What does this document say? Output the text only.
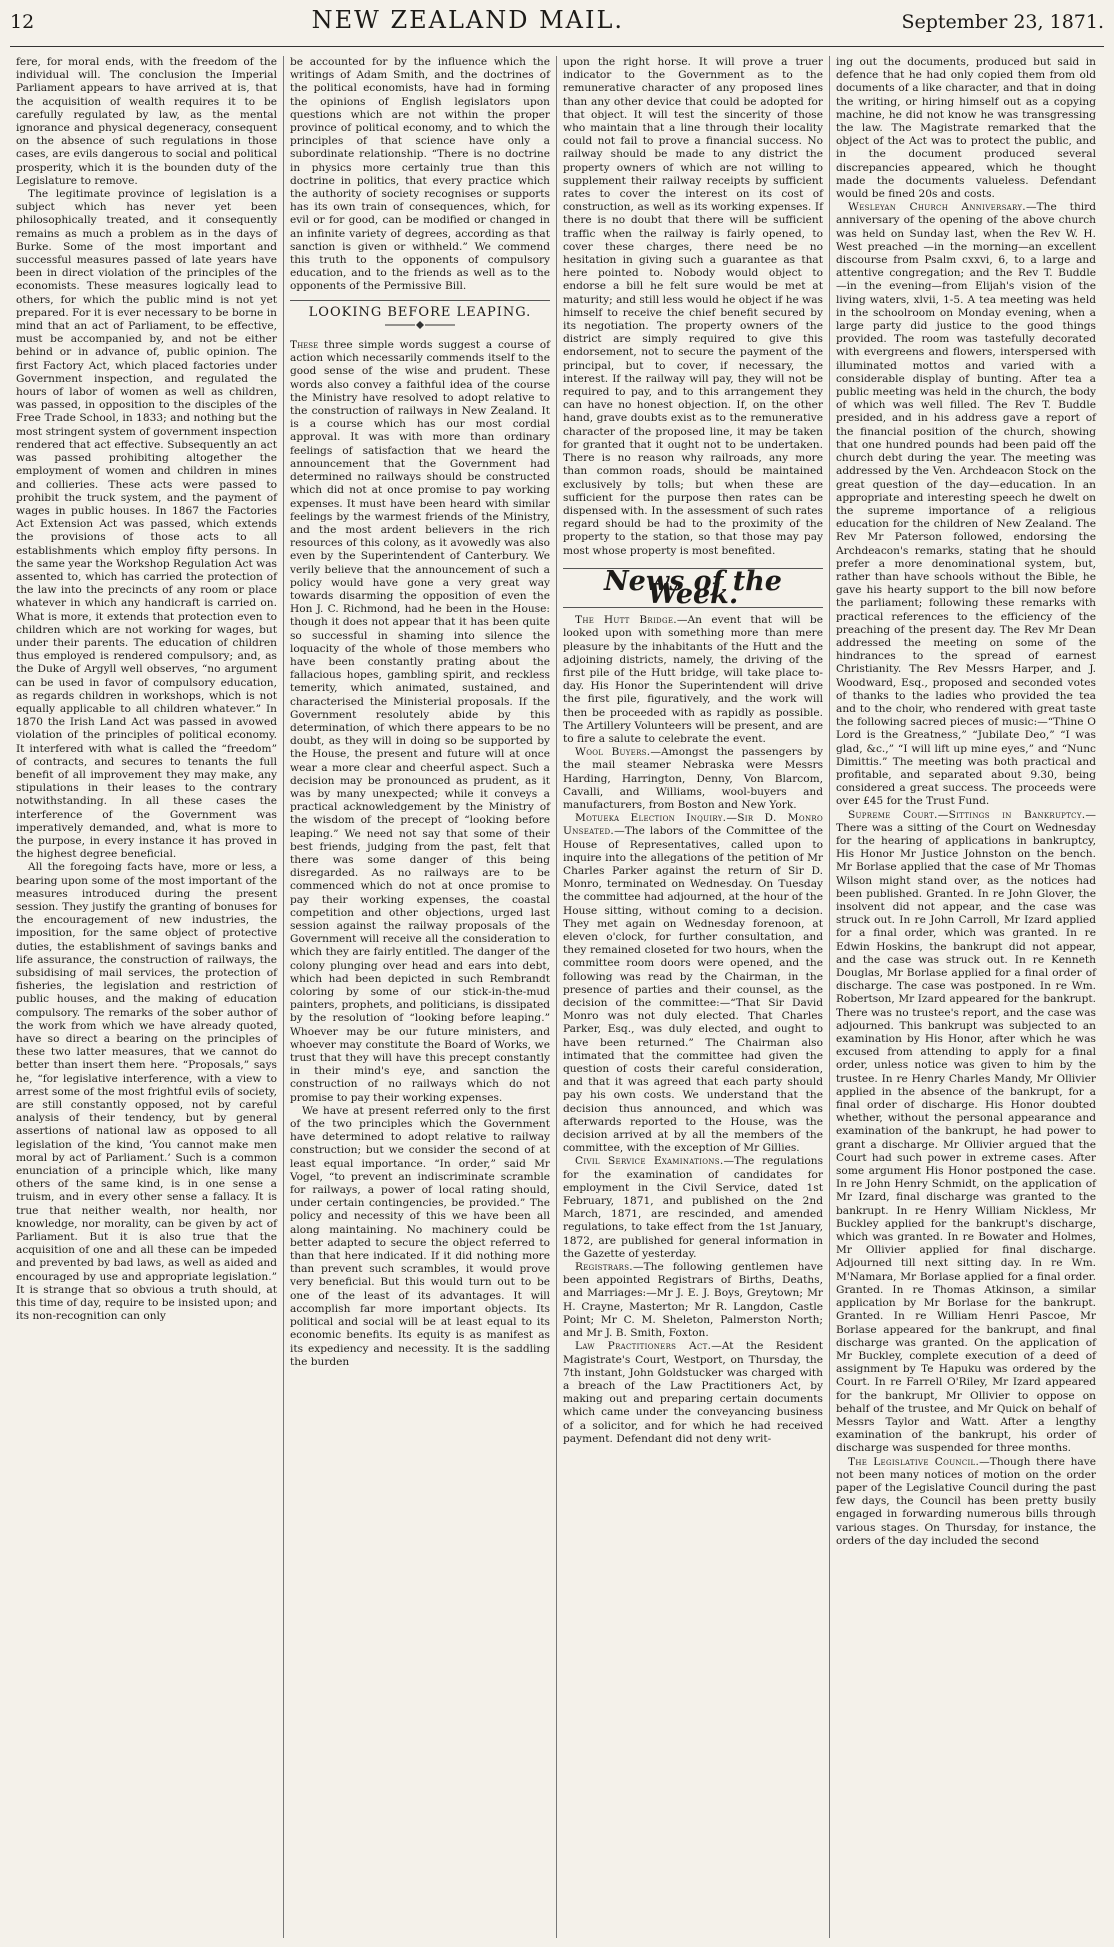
12	NEW ZEALAND MAIL.	September 23, 1871.

fere, for moral ends, with the freedom of the individual will. The conclusion the Imperial Parliament appears to have arrived at is, that the acquisition of wealth requires it to be carefully regulated by law, as the mental ignorance and physical degeneracy, consequent on the absence of such regulations in those cases, are evils dangerous to social and political prosperity, which it is the bounden duty of the Legislature to remove.

The legitimate province of legislation is a subject which has never yet been philosophically treated, and it consequently remains as much a problem as in the days of Burke. Some of the most important and successful measures passed of late years have been in direct violation of the principles of the economists. These measures logically lead to others, for which the public mind is not yet prepared. For it is ever necessary to be borne in mind that an act of Parliament, to be effective, must be accompanied by, and not be either behind or in advance of, public opinion. The first Factory Act, which placed factories under Government inspection, and regulated the hours of labor of women as well as children, was passed, in opposition to the disciples of the Free Trade School, in 1833; and nothing but the most stringent system of government inspection rendered that act effective. Subsequently an act was passed prohibiting altogether the employment of women and children in mines and collieries. These acts were passed to prohibit the truck system, and the payment of wages in public houses. In 1867 the Factories Act Extension Act was passed, which extends the provisions of those acts to all establishments which employ fifty persons. In the same year the Workshop Regulation Act was assented to, which has carried the protection of the law into the precincts of any room or place whatever in which any handicraft is carried on. What is more, it extends that protection even to children which are not working for wages, but under their parents. The education of children thus employed is rendered compulsory; and, as the Duke of Argyll well observes, “no argument can be used in favor of compulsory education, as regards children in workshops, which is not equally applicable to all children whatever.” In 1870 the Irish Land Act was passed in avowed violation of the principles of political economy. It interfered with what is called the “freedom” of contracts, and secures to tenants the full benefit of all improvement they may make, any stipulations in their leases to the contrary notwithstanding. In all these cases the interference of the Government was imperatively demanded, and, what is more to the purpose, in every instance it has proved in the highest degree beneficial.

All the foregoing facts have, more or less, a bearing upon some of the most important of the measures introduced during the present session. They justify the granting of bonuses for the encouragement of new industries, the imposition, for the same object of protective duties, the establishment of savings banks and life assurance, the construction of railways, the subsidising of mail services, the protection of fisheries, the legislation and restriction of public houses, and the making of education compulsory. The remarks of the sober author of the work from which we have already quoted, have so direct a bearing on the principles of these two latter measures, that we cannot do better than insert them here. “Proposals,” says he, “for legislative interference, with a view to arrest some of the most frightful evils of society, are still constantly opposed, not by careful analysis of their tendency, but by general assertions of national law as opposed to all legislation of the kind, ‘You cannot make men moral by act of Parliament.’ Such is a common enunciation of a principle which, like many others of the same kind, is in one sense a truism, and in every other sense a fallacy. It is true that neither wealth, nor health, nor knowledge, nor morality, can be given by act of Parliament. But it is also true that the acquisition of one and all these can be impeded and prevented by bad laws, as well as aided and encouraged by use and appropriate legislation.” It is strange that so obvious a truth should, at this time of day, require to be insisted upon; and its non-recognition can only

be accounted for by the influence which the writings of Adam Smith, and the doctrines of the political economists, have had in forming the opinions of English legislators upon questions which are not within the proper province of political economy, and to which the principles of that science have only a subordinate relationship. “There is no doctrine in physics more certainly true than this doctrine in politics, that every practice which the authority of society recognises or supports has its own train of consequences, which, for evil or for good, can be modified or changed in an infinite variety of degrees, according as that sanction is given or withheld.” We commend this truth to the opponents of compulsory education, and to the friends as well as to the opponents of the Permissive Bill.

LOOKING BEFORE LEAPING.

These three simple words suggest a course of action which necessarily commends itself to the good sense of the wise and prudent. These words also convey a faithful idea of the course the Ministry have resolved to adopt relative to the construction of railways in New Zealand. It is a course which has our most cordial approval. It was with more than ordinary feelings of satisfaction that we heard the announcement that the Government had determined no railways should be constructed which did not at once promise to pay working expenses. It must have been heard with similar feelings by the warmest friends of the Ministry, and the most ardent believers in the rich resources of this colony, as it avowedly was also even by the Superintendent of Canterbury. We verily believe that the announcement of such a policy would have gone a very great way towards disarming the opposition of even the Hon J. C. Richmond, had he been in the House: though it does not appear that it has been quite so successful in shaming into silence the loquacity of the whole of those members who have been constantly prating about the fallacious hopes, gambling spirit, and reckless temerity, which animated, sustained, and characterised the Ministerial proposals. If the Government resolutely abide by this determination, of which there appears to be no doubt, as they will in doing so be supported by the House, the present and future will at once wear a more clear and cheerful aspect. Such a decision may be pronounced as prudent, as it was by many unexpected; while it conveys a practical acknowledgement by the Ministry of the wisdom of the precept of “looking before leaping.” We need not say that some of their best friends, judging from the past, felt that there was some danger of this being disregarded. As no railways are to be commenced which do not at once promise to pay their working expenses, the coastal competition and other objections, urged last session against the railway proposals of the Government will receive all the consideration to which they are fairly entitled. The danger of the colony plunging over head and ears into debt, which had been depicted in such Rembrandt coloring by some of our stick-in-the-mud painters, prophets, and politicians, is dissipated by the resolution of “looking before leaping.” Whoever may be our future ministers, and whoever may constitute the Board of Works, we trust that they will have this precept constantly in their mind's eye, and sanction the construction of no railways which do not promise to pay their working expenses.

We have at present referred only to the first of the two principles which the Government have determined to adopt relative to railway construction; but we consider the second of at least equal importance. “In order,” said Mr Vogel, “to prevent an indiscriminate scramble for railways, a power of local rating should, under certain contingencies, be provided.” The policy and necessity of this we have been all along maintaining. No machinery could be better adapted to secure the object referred to than that here indicated. If it did nothing more than prevent such scrambles, it would prove very beneficial. But this would turn out to be one of the least of its advantages. It will accomplish far more important objects. Its political and social will be at least equal to its economic benefits. Its equity is as manifest as its expediency and necessity. It is the saddling the burden

upon the right horse. It will prove a truer indicator to the Government as to the remunerative character of any proposed lines than any other device that could be adopted for that object. It will test the sincerity of those who maintain that a line through their locality could not fail to prove a financial success. No railway should be made to any district the property owners of which are not willing to supplement their railway receipts by sufficient rates to cover the interest on its cost of construction, as well as its working expenses. If there is no doubt that there will be sufficient traffic when the railway is fairly opened, to cover these charges, there need be no hesitation in giving such a guarantee as that here pointed to. Nobody would object to endorse a bill he felt sure would be met at maturity; and still less would he object if he was himself to receive the chief benefit secured by its negotiation. The property owners of the district are simply required to give this endorsement, not to secure the payment of the principal, but to cover, if necessary, the interest. If the railway will pay, they will not be required to pay, and to this arrangement they can have no honest objection. If, on the other hand, grave doubts exist as to the remunerative character of the proposed line, it may be taken for granted that it ought not to be undertaken. There is no reason why railroads, any more than common roads, should be maintained exclusively by tolls; but when these are sufficient for the purpose then rates can be dispensed with. In the assessment of such rates regard should be had to the proximity of the property to the station, so that those may pay most whose property is most benefited.

News of the Week.

The Hutt Bridge.—An event that will be looked upon with something more than mere pleasure by the inhabitants of the Hutt and the adjoining districts, namely, the driving of the first pile of the Hutt bridge, will take place to-day. His Honor the Superintendent will drive the first pile, figuratively, and the work will then be proceeded with as rapidly as possible. The Artillery Volunteers will be present, and are to fire a salute to celebrate the event.

Wool Buyers.—Amongst the passengers by the mail steamer Nebraska were Messrs Harding, Harrington, Denny, Von Blarcom, Cavalli, and Williams, wool-buyers and manufacturers, from Boston and New York.

Motueka Election Inquiry.—Sir D. Monro Unseated.—The labors of the Committee of the House of Representatives, called upon to inquire into the allegations of the petition of Mr Charles Parker against the return of Sir D. Monro, terminated on Wednesday. On Tuesday the committee had adjourned, at the hour of the House sitting, without coming to a decision. They met again on Wednesday forenoon, at eleven o'clock, for further consultation, and they remained closeted for two hours, when the committee room doors were opened, and the following was read by the Chairman, in the presence of parties and their counsel, as the decision of the committee:—“That Sir David Monro was not duly elected. That Charles Parker, Esq., was duly elected, and ought to have been returned.” The Chairman also intimated that the committee had given the question of costs their careful consideration, and that it was agreed that each party should pay his own costs. We understand that the decision thus announced, and which was afterwards reported to the House, was the decision arrived at by all the members of the committee, with the exception of Mr Gillies.

Civil Service Examinations.—The regulations for the examination of candidates for employment in the Civil Service, dated 1st February, 1871, and published on the 2nd March, 1871, are rescinded, and amended regulations, to take effect from the 1st January, 1872, are published for general information in the Gazette of yesterday.

Registrars.—The following gentlemen have been appointed Registrars of Births, Deaths, and Marriages:—Mr J. E. J. Boys, Greytown; Mr H. Crayne, Masterton; Mr R. Langdon, Castle Point; Mr C. M. Sheleton, Palmerston North; and Mr J. B. Smith, Foxton.

Law Practitioners Act.—At the Resident Magistrate's Court, Westport, on Thursday, the 7th instant, John Goldstucker was charged with a breach of the Law Practitioners Act, by making out and preparing certain documents which came under the conveyancing business of a solicitor, and for which he had received payment. Defendant did not deny writ-

ing out the documents, produced but said in defence that he had only copied them from old documents of a like character, and that in doing the writing, or hiring himself out as a copying machine, he did not know he was transgressing the law. The Magistrate remarked that the object of the Act was to protect the public, and in the document produced several discrepancies appeared, which he thought made the documents valueless. Defendant would be fined 20s and costs.

Wesleyan Church Anniversary.—The third anniversary of the opening of the above church was held on Sunday last, when the Rev W. H. West preached —in the morning—an excellent discourse from Psalm cxxvi, 6, to a large and attentive congregation; and the Rev T. Buddle —in the evening—from Elijah's vision of the living waters, xlvii, 1-5. A tea meeting was held in the schoolroom on Monday evening, when a large party did justice to the good things provided. The room was tastefully decorated with evergreens and flowers, interspersed with illuminated mottos and varied with a considerable display of bunting. After tea a public meeting was held in the church, the body of which was well filled. The Rev T. Buddle presided, and in his address gave a report of the financial position of the church, showing that one hundred pounds had been paid off the church debt during the year. The meeting was addressed by the Ven. Archdeacon Stock on the great question of the day—education. In an appropriate and interesting speech he dwelt on the supreme importance of a religious education for the children of New Zealand. The Rev Mr Paterson followed, endorsing the Archdeacon's remarks, stating that he should prefer a more denominational system, but, rather than have schools without the Bible, he gave his hearty support to the bill now before the parliament; following these remarks with practical references to the efficiency of the preaching of the present day. The Rev Mr Dean addressed the meeting on some of the hindrances to the spread of earnest Christianity. The Rev Messrs Harper, and J. Woodward, Esq., proposed and seconded votes of thanks to the ladies who provided the tea and to the choir, who rendered with great taste the following sacred pieces of music:—“Thine O Lord is the Greatness,” “Jubilate Deo,” “I was glad, &c.,” “I will lift up mine eyes,” and “Nunc Dimittis.” The meeting was both practical and profitable, and separated about 9.30, being considered a great success. The proceeds were over £45 for the Trust Fund.

Supreme Court.—Sittings in Bankruptcy.—There was a sitting of the Court on Wednesday for the hearing of applications in bankruptcy, His Honor Mr Justice Johnston on the bench. Mr Borlase applied that the case of Mr Thomas Wilson might stand over, as the notices had been published. Granted. In re John Glover, the insolvent did not appear, and the case was struck out. In re John Carroll, Mr Izard applied for a final order, which was granted. In re Edwin Hoskins, the bankrupt did not appear, and the case was struck out. In re Kenneth Douglas, Mr Borlase applied for a final order of discharge. The case was postponed. In re Wm. Robertson, Mr Izard appeared for the bankrupt. There was no trustee's report, and the case was adjourned. This bankrupt was subjected to an examination by His Honor, after which he was excused from attending to apply for a final order, unless notice was given to him by the trustee. In re Henry Charles Mandy, Mr Ollivier applied in the absence of the bankrupt, for a final order of discharge. His Honor doubted whether, without the personal appearance and examination of the bankrupt, he had power to grant a discharge. Mr Ollivier argued that the Court had such power in extreme cases. After some argument His Honor postponed the case. In re John Henry Schmidt, on the application of Mr Izard, final discharge was granted to the bankrupt. In re Henry William Nickless, Mr Buckley applied for the bankrupt's discharge, which was granted. In re Bowater and Holmes, Mr Ollivier applied for final discharge. Adjourned till next sitting day. In re Wm. M'Namara, Mr Borlase applied for a final order. Granted. In re Thomas Atkinson, a similar application by Mr Borlase for the bankrupt. Granted. In re William Henri Pascoe, Mr Borlase appeared for the bankrupt, and final discharge was granted. On the application of Mr Buckley, complete execution of a deed of assignment by Te Hapuku was ordered by the Court. In re Farrell O'Riley, Mr Izard appeared for the bankrupt, Mr Ollivier to oppose on behalf of the trustee, and Mr Quick on behalf of Messrs Taylor and Watt. After a lengthy examination of the bankrupt, his order of discharge was suspended for three months.

The Legislative Council.—Though there have not been many notices of motion on the order paper of the Legislative Council during the past few days, the Council has been pretty busily engaged in forwarding numerous bills through various stages. On Thursday, for instance, the orders of the day included the second
